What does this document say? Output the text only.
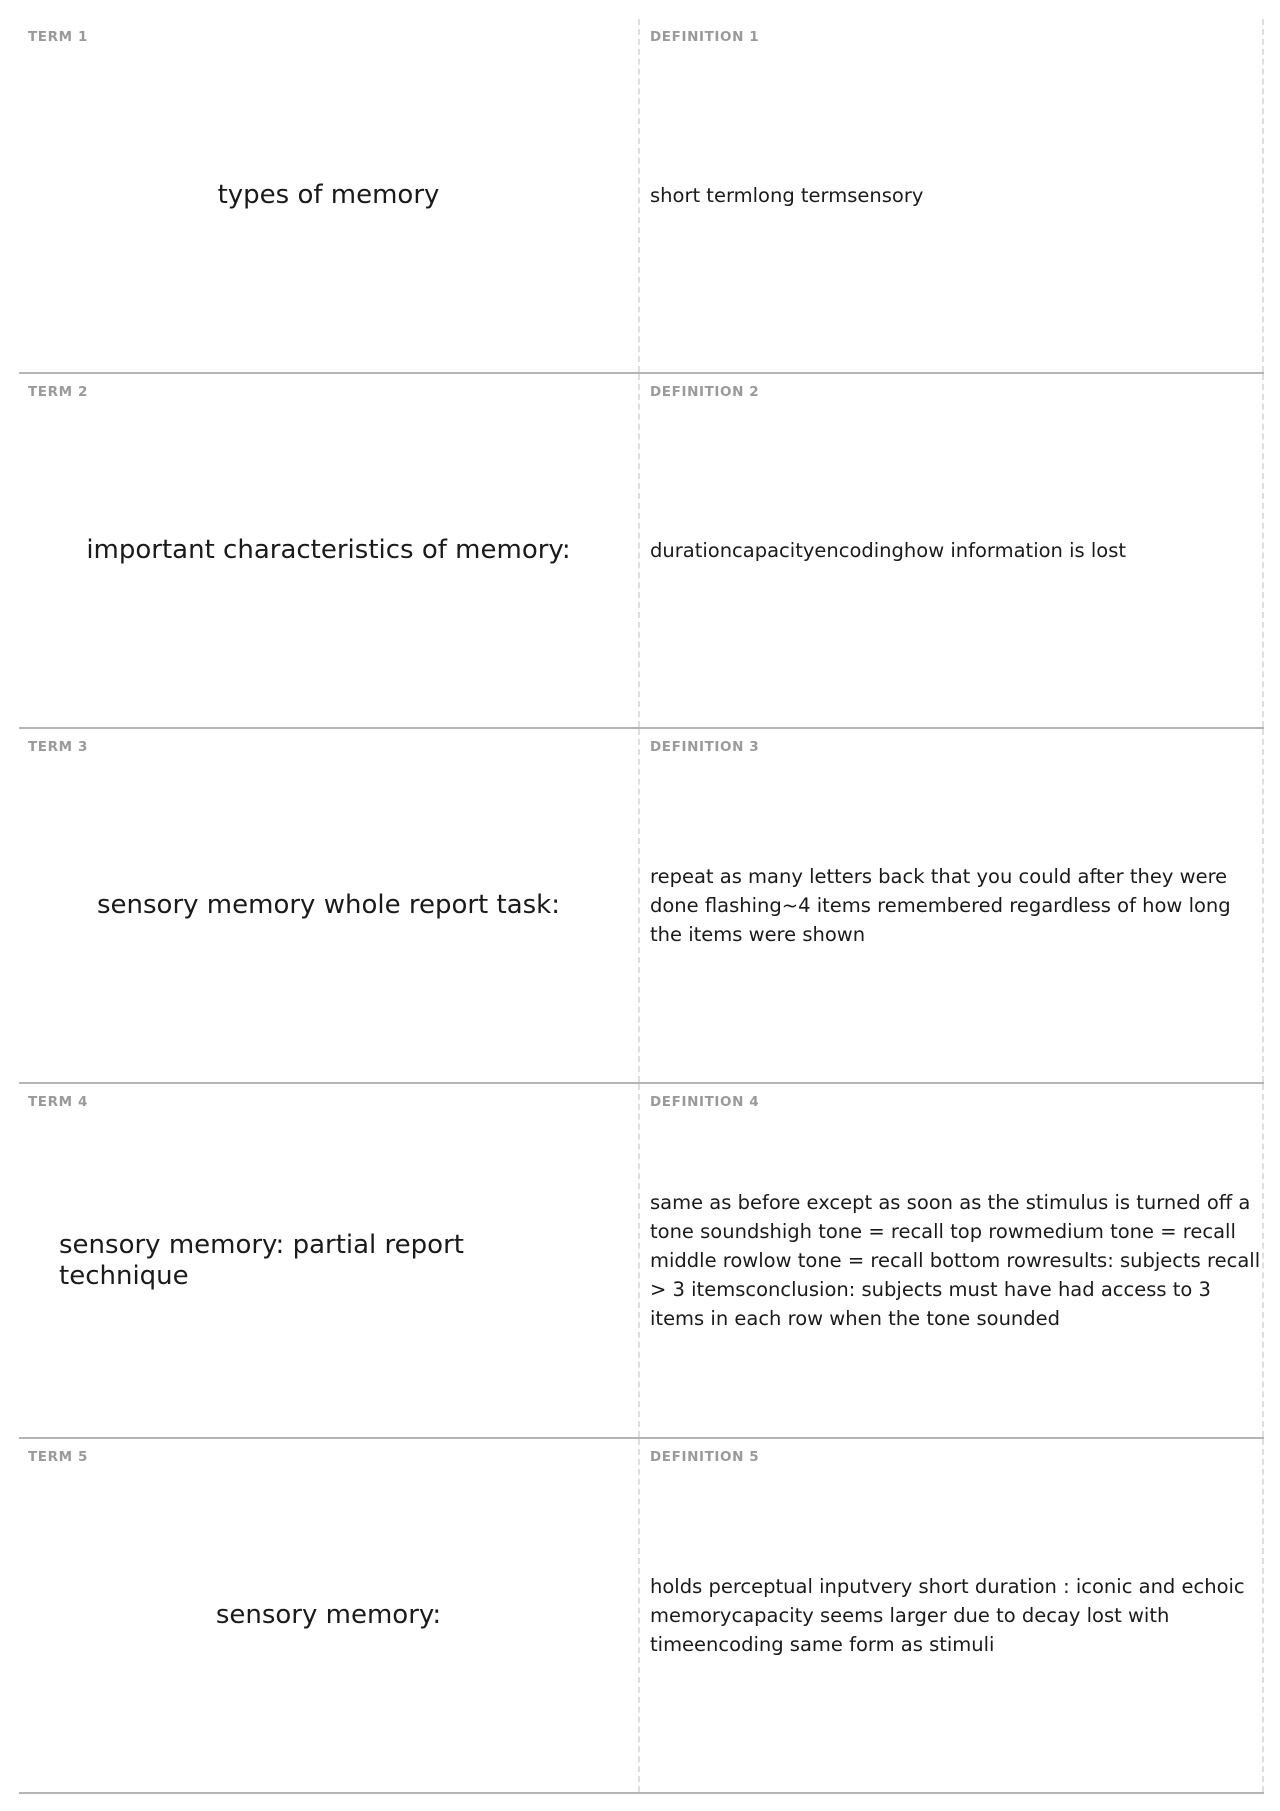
TERM 1
types of memory
DEFINITION 1
short termlong termsensory
TERM 2
important characteristics of memory:
DEFINITION 2
durationcapacityencodinghow information is lost
TERM 3
sensory memory whole report task:
DEFINITION 3
repeat as many letters back that you could after they were done flashing~4 items remembered regardless of how long the items were shown
TERM 4
sensory memory: partial report technique
DEFINITION 4
same as before except as soon as the stimulus is turned off a tone soundshigh tone = recall top rowmedium tone = recall middle rowlow tone = recall bottom rowresults: subjects recall > 3 itemsconclusion: subjects must have had access to 3 items in each row when the tone sounded
TERM 5
sensory memory:
DEFINITION 5
holds perceptual inputvery short duration : iconic and echoic memorycapacity seems larger due to decay lost with timeencoding same form as stimuli
